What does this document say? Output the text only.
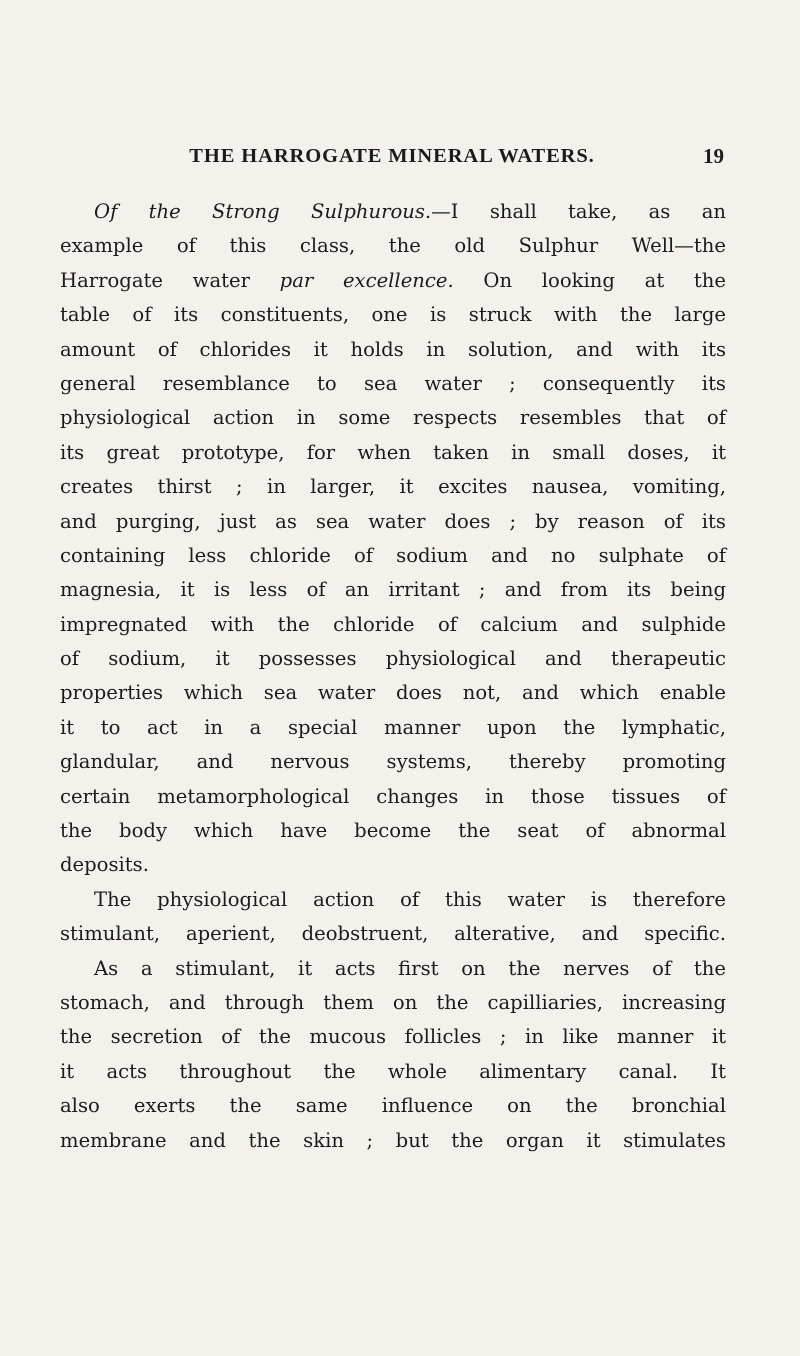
THE HARROGATE MINERAL WATERS.	19
Of the Strong Sulphurous.—I shall take, as an
example of this class, the old Sulphur Well—the
Harrogate water par excellence. On looking at the
table of its constituents, one is struck with the large
amount of chlorides it holds in solution, and with its
general resemblance to sea water ; consequently its
physiological action in some respects resembles that of
its great prototype, for when taken in small doses, it
creates thirst ; in larger, it excites nausea, vomiting,
and purging, just as sea water does ; by reason of its
containing less chloride of sodium and no sulphate of
magnesia, it is less of an irritant ; and from its being
impregnated with the chloride of calcium and sulphide
of sodium, it possesses physiological and therapeutic
properties which sea water does not, and which enable
it to act in a special manner upon the lymphatic,
glandular, and nervous systems, thereby promoting
certain metamorphological changes in those tissues of
the body which have become the seat of abnormal
deposits.
The physiological action of this water is therefore
stimulant, aperient, deobstruent, alterative, and specific.
As a stimulant, it acts first on the nerves of the
stomach, and through them on the capilliaries, increasing
the secretion of the mucous follicles ; in like manner it
it acts throughout the whole alimentary canal. It
also exerts the same influence on the bronchial
membrane and the skin ; but the organ it stimulates
